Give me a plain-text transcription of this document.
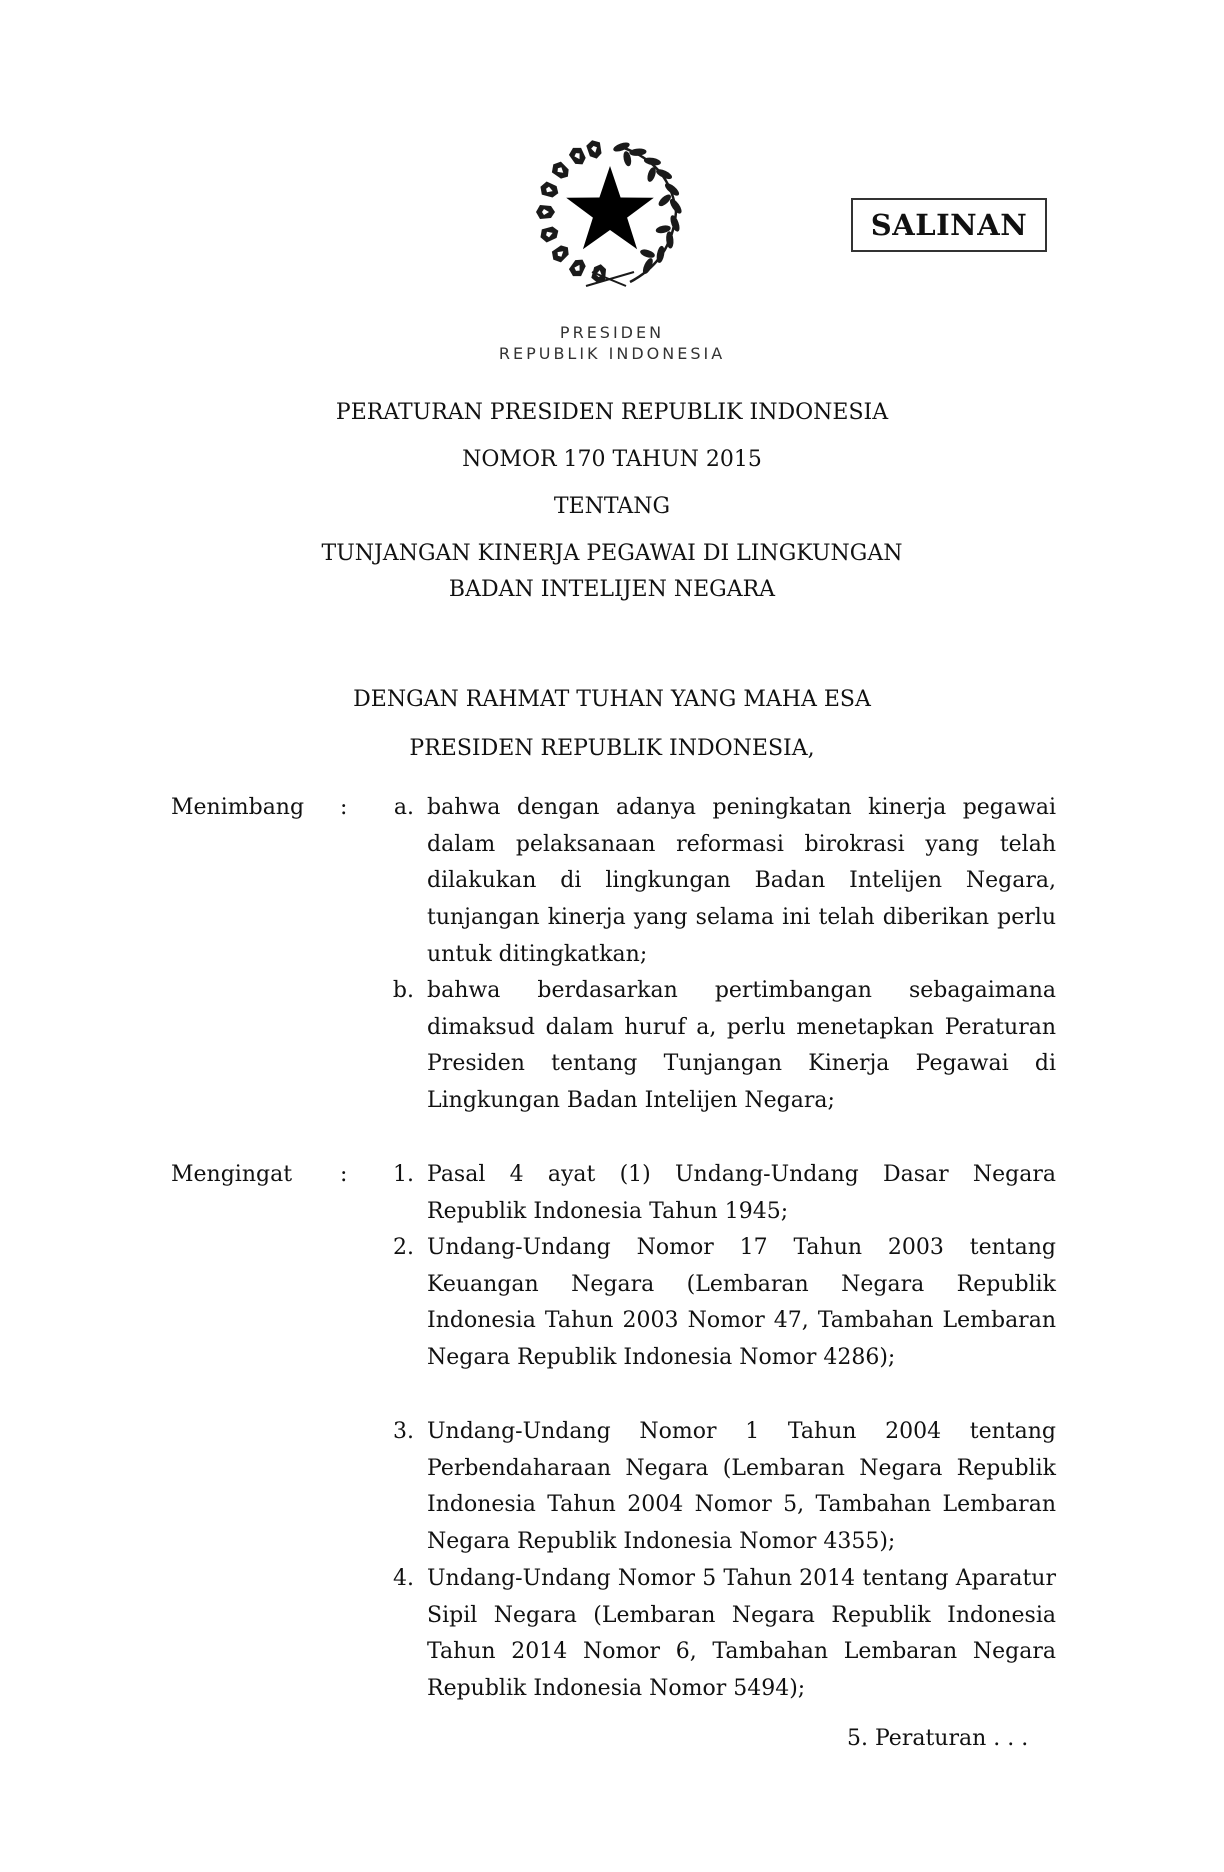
SALINAN
PRESIDEN
REPUBLIK INDONESIA
PERATURAN PRESIDEN REPUBLIK INDONESIA
NOMOR 170 TAHUN 2015
TENTANG
TUNJANGAN KINERJA PEGAWAI DI LINGKUNGAN
BADAN INTELIJEN NEGARA
DENGAN RAHMAT TUHAN YANG MAHA ESA
PRESIDEN REPUBLIK INDONESIA,
Menimbang :	a. bahwa dengan adanya peningkatan kinerja pegawai dalam pelaksanaan reformasi birokrasi yang telah dilakukan di lingkungan Badan Intelijen Negara, tunjangan kinerja yang selama ini telah diberikan perlu untuk ditingkatkan;
b. bahwa berdasarkan pertimbangan sebagaimana dimaksud dalam huruf a, perlu menetapkan Peraturan Presiden tentang Tunjangan Kinerja Pegawai di Lingkungan Badan Intelijen Negara;
Mengingat :	1. Pasal 4 ayat (1) Undang-Undang Dasar Negara Republik Indonesia Tahun 1945;
2. Undang-Undang Nomor 17 Tahun 2003 tentang Keuangan Negara (Lembaran Negara Republik Indonesia Tahun 2003 Nomor 47, Tambahan Lembaran Negara Republik Indonesia Nomor 4286);
3. Undang-Undang Nomor 1 Tahun 2004 tentang Perbendaharaan Negara (Lembaran Negara Republik Indonesia Tahun 2004 Nomor 5, Tambahan Lembaran Negara Republik Indonesia Nomor 4355);
4. Undang-Undang Nomor 5 Tahun 2014 tentang Aparatur Sipil Negara (Lembaran Negara Republik Indonesia Tahun 2014 Nomor 6, Tambahan Lembaran Negara Republik Indonesia Nomor 5494);
5. Peraturan . . .
